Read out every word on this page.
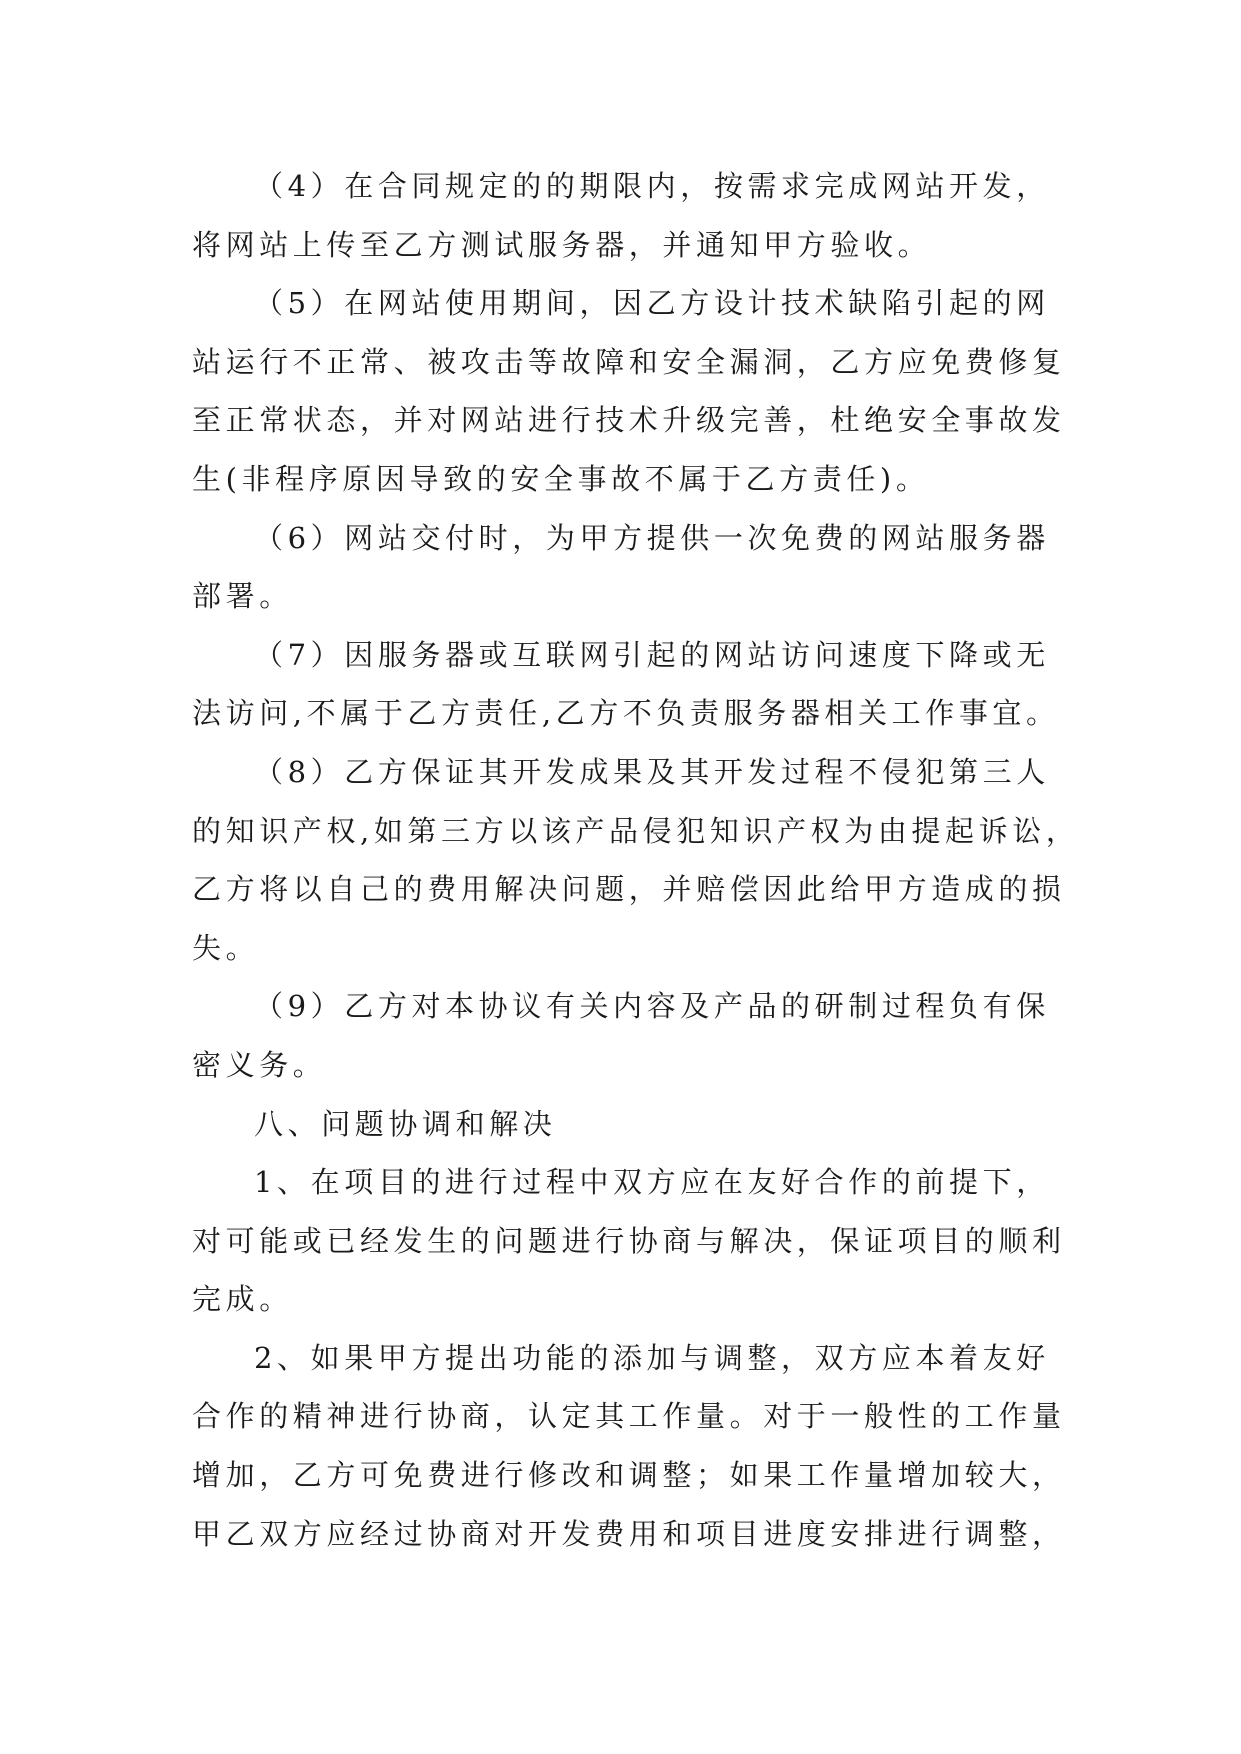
（4）在合同规定的的期限内，按需求完成网站开发，
将网站上传至乙方测试服务器，并通知甲方验收。
（5）在网站使用期间，因乙方设计技术缺陷引起的网
站运行不正常、被攻击等故障和安全漏洞，乙方应免费修复
至正常状态，并对网站进行技术升级完善，杜绝安全事故发
生(非程序原因导致的安全事故不属于乙方责任)。
（6）网站交付时，为甲方提供一次免费的网站服务器
部署。
（7）因服务器或互联网引起的网站访问速度下降或无
法访问,不属于乙方责任,乙方不负责服务器相关工作事宜。
（8）乙方保证其开发成果及其开发过程不侵犯第三人
的知识产权,如第三方以该产品侵犯知识产权为由提起诉讼，
乙方将以自己的费用解决问题，并赔偿因此给甲方造成的损
失。
（9）乙方对本协议有关内容及产品的研制过程负有保
密义务。
八、问题协调和解决
1、在项目的进行过程中双方应在友好合作的前提下，
对可能或已经发生的问题进行协商与解决，保证项目的顺利
完成。
2、如果甲方提出功能的添加与调整，双方应本着友好
合作的精神进行协商，认定其工作量。对于一般性的工作量
增加，乙方可免费进行修改和调整；如果工作量增加较大，
甲乙双方应经过协商对开发费用和项目进度安排进行调整，
